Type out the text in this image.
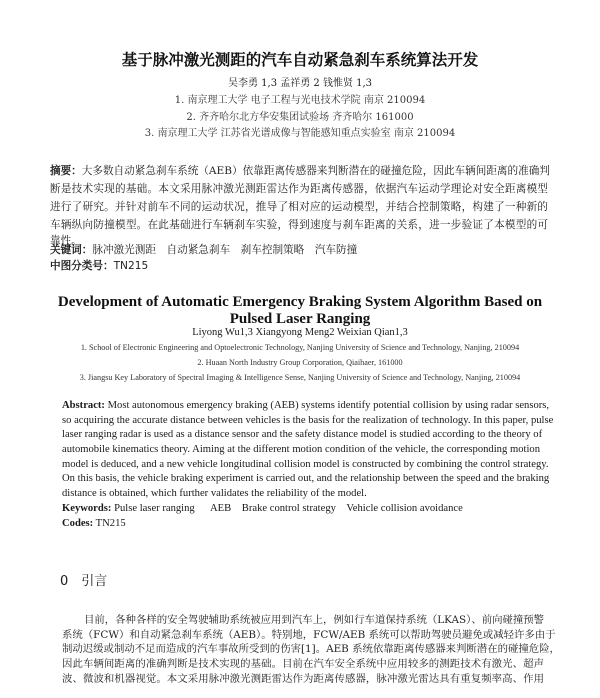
基于脉冲激光测距的汽车自动紧急刹车系统算法开发
吴李勇 1,3 孟祥勇 2 钱惟贤 1,3
1. 南京理工大学 电子工程与光电技术学院 南京 210094
2. 齐齐哈尔北方华安集团试验场 齐齐哈尔 161000
3. 南京理工大学 江苏省光谱成像与智能感知重点实验室 南京 210094
摘要：大多数自动紧急刹车系统（AEB）依靠距离传感器来判断潜在的碰撞危险，因此车辆间距离的准确判
断是技术实现的基础。本文采用脉冲激光测距雷达作为距离传感器，依据汽车运动学理论对安全距离模型
进行了研究。并针对前车不同的运动状况，推导了相对应的运动模型，并结合控制策略，构建了一种新的
车辆纵向防撞模型。在此基础进行车辆刹车实验，得到速度与刹车距离的关系，进一步验证了本模型的可
靠性。
关键词：脉冲激光测距　自动紧急刹车　刹车控制策略　汽车防撞
中图分类号：TN215
Development of Automatic Emergency Braking System Algorithm Based on
Pulsed Laser Ranging
Liyong Wu1,3 Xiangyong Meng2 Weixian Qian1,3
1. School of Electronic Engineering and Optoelectronic Technology, Nanjing University of Science and Technology, Nanjing, 210094
2. Huaan North Industry Group Corporation, Qiaihaer, 161000
3. Jiangsu Key Laboratory of Spectral Imaging & Intelligence Sense, Nanjing University of Science and Technology, Nanjing, 210094
Abstract: Most autonomous emergency braking (AEB) systems identify potential collision by using radar sensors,
so acquiring the accurate distance between vehicles is the basis for the realization of technology. In this paper, pulse
laser ranging radar is used as a distance sensor and the safety distance model is studied according to the theory of
automobile kinematics theory. Aiming at the different motion condition of the vehicle, the corresponding motion
model is deduced, and a new vehicle longitudinal collision model is constructed by combining the control strategy.
On this basis, the vehicle braking experiment is carried out, and the relationship between the speed and the braking
distance is obtained, which further validates the reliability of the model.
Keywords: Pulse laser ranging      AEB    Brake control strategy    Vehicle collision avoidance
Codes: TN215
0　引言
目前，各种各样的安全驾驶辅助系统被应用到汽车上，例如行车道保持系统（LKAS）、前向碰撞预警
系统（FCW）和自动紧急刹车系统（AEB）。特别地，FCW/AEB 系统可以帮助驾驶员避免或减轻许多由于
制动迟缓或制动不足而造成的汽车事故所受到的伤害[1]。AEB 系统依靠距离传感器来判断潜在的碰撞危险，
因此车辆间距离的准确判断是技术实现的基础。目前在汽车安全系统中应用较多的测距技术有激光、超声
波、微波和机器视觉。本文采用脉冲激光测距雷达作为距离传感器，脉冲激光雷达具有重复频率高、作用
